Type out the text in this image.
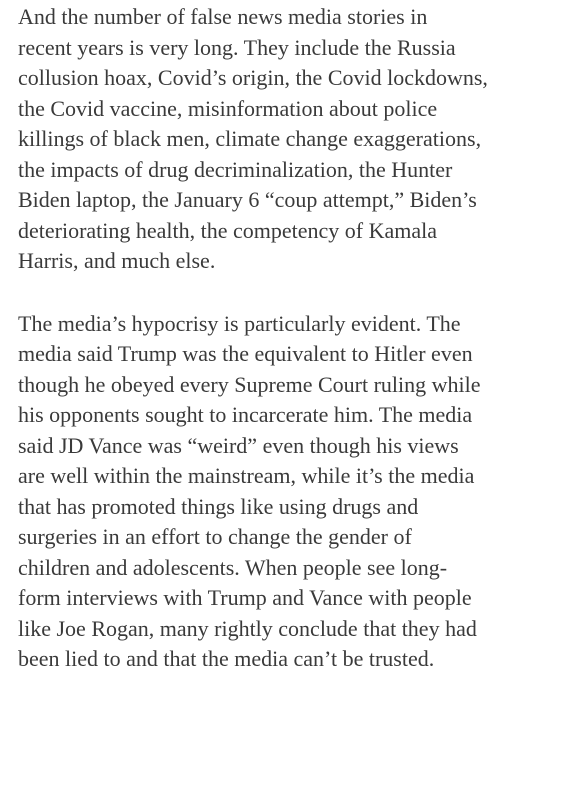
And the number of false news media stories in
recent years is very long. They include the Russia
collusion hoax, Covid’s origin, the Covid lockdowns,
the Covid vaccine, misinformation about police
killings of black men, climate change exaggerations,
the impacts of drug decriminalization, the Hunter
Biden laptop, the January 6 “coup attempt,” Biden’s
deteriorating health, the competency of Kamala
Harris, and much else.

The media’s hypocrisy is particularly evident. The
media said Trump was the equivalent to Hitler even
though he obeyed every Supreme Court ruling while
his opponents sought to incarcerate him. The media
said JD Vance was “weird” even though his views
are well within the mainstream, while it’s the media
that has promoted things like using drugs and
surgeries in an effort to change the gender of
children and adolescents. When people see long-
form interviews with Trump and Vance with people
like Joe Rogan, many rightly conclude that they had
been lied to and that the media can’t be trusted.
